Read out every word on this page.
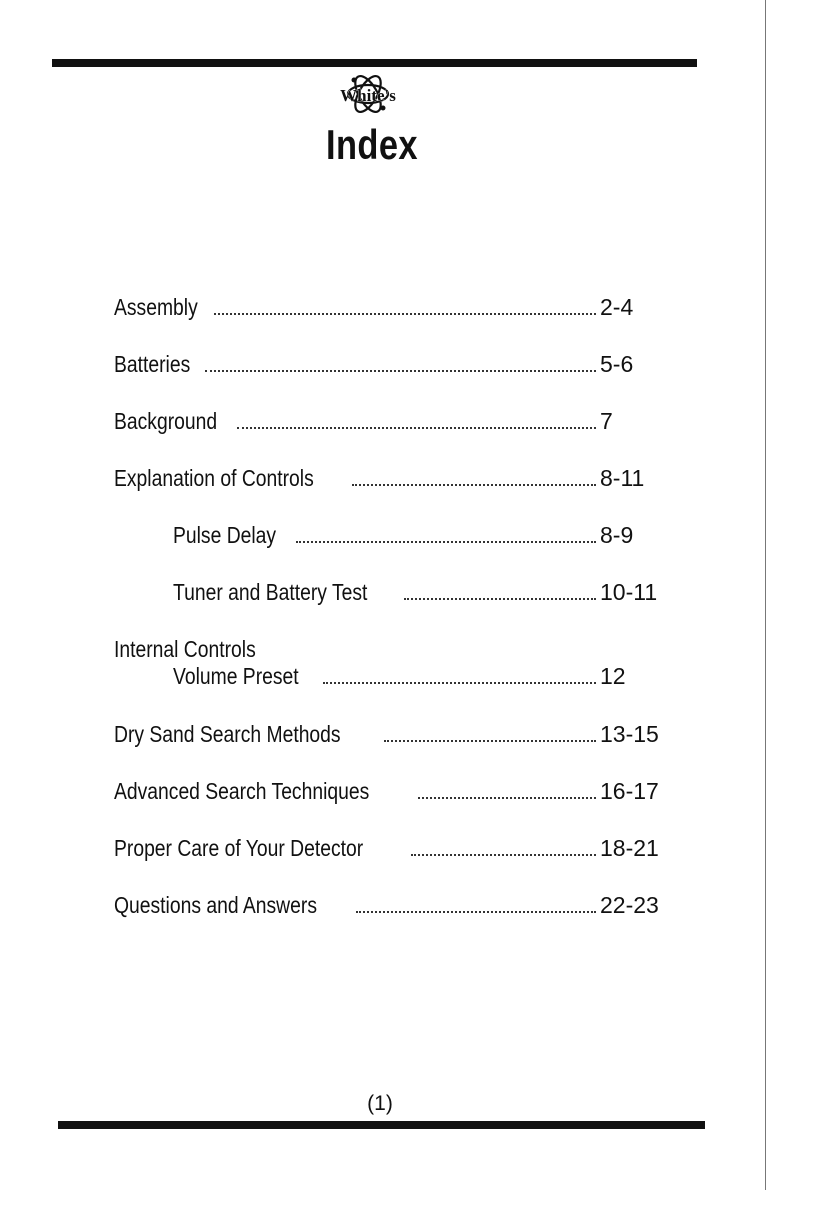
White's
Index
Assembly	2-4
Batteries	5-6
Background	7
Explanation of Controls	8-11
Pulse Delay	8-9
Tuner and Battery Test	10-11
Internal Controls
Volume Preset	12
Dry Sand Search Methods	13-15
Advanced Search Techniques	16-17
Proper Care of Your Detector	18-21
Questions and Answers	22-23
(1)
